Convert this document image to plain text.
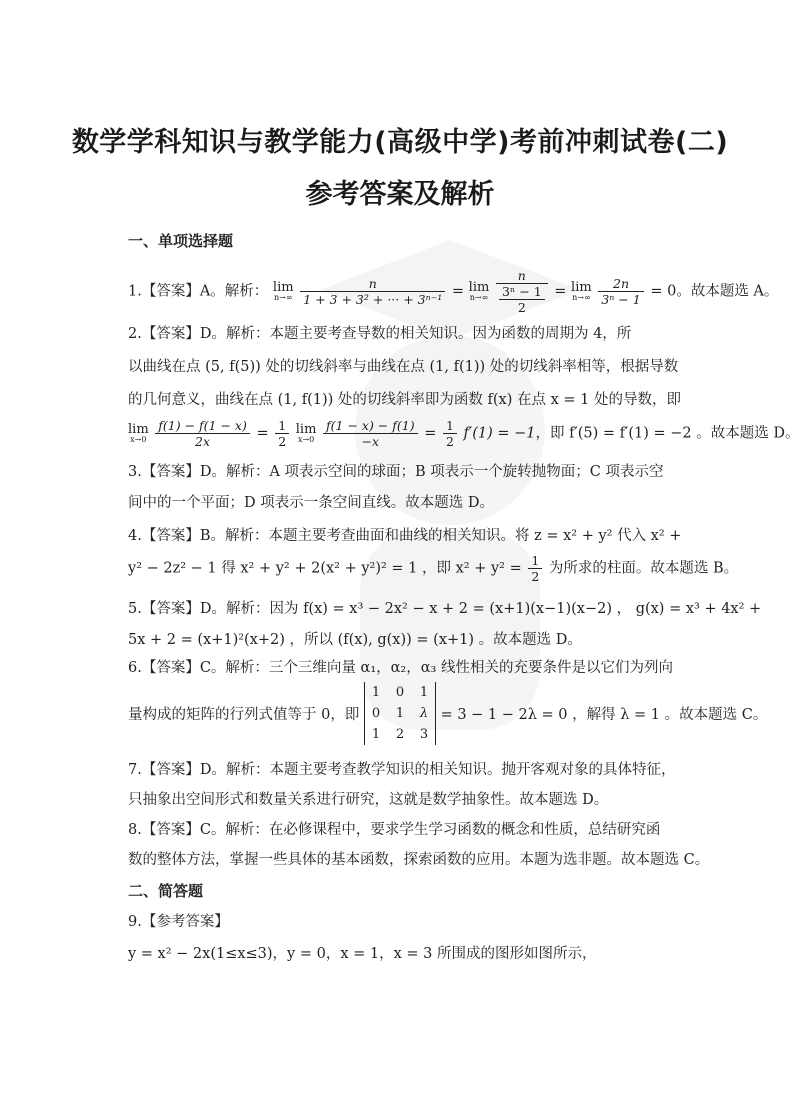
数学学科知识与教学能力(高级中学)考前冲刺试卷(二)
参考答案及解析
一、单项选择题
1.【答案】A。解析： lim
n→∞
$\frac{n}{\text{1 + 3 + 3² + ··· + 3ⁿ⁻¹}} = \lim$
n→∞
n
3ⁿ − 1
2 = lim
n→∞
$\frac{2n}{\text{3ⁿ − 1}} = 0$。故本题选 A。
2.【答案】D。解析：本题主要考查导数的相关知识。因为函数的周期为 4，所
以曲线在点 (5, f(5)) 处的切线斜率与曲线在点 (1, f(1)) 处的切线斜率相等，根据导数
的几何意义，曲线在点 (1, f(1)) 处的切线斜率即为函数 f(x) 在点 x = 1 处的导数，即
lim
x→0
$\frac{f(1) - f(1 - x)}{2x} = \frac{1}{2}$ lim
x→0
$\frac{f(1 - x) - f(1)}{-x} = \frac{1}{2} f'(1) = -1$，即 f′(5) = f′(1) = −2 。故本题选 D。
3.【答案】D。解析：A 项表示空间的球面；B 项表示一个旋转抛物面；C 项表示空
间中的一个平面；D 项表示一条空间直线。故本题选 D。
4.【答案】B。解析：本题主要考查曲面和曲线的相关知识。将 z = x² + y² 代入 x² +
y² − 2z² − 1 得 x² + y² + 2(x² + y²)² = 1 ，即 $x^2 + y^2 = \frac{1}{2}$ 为所求的柱面。故本题选 B。
5.【答案】D。解析：因为 f(x) = x³ − 2x² − x + 2 = (x+1)(x−1)(x−2) ， g(x) = x³ + 4x² +
5x + 2 = (x+1)²(x+2) ，所以 (f(x), g(x)) = (x+1) 。故本题选 D。
6.【答案】C。解析：三个三维向量 α₁，α₂，α₃ 线性相关的充要条件是以它们为列向
量构成的矩阵的行列式值等于 0，即
1 0 1
0 1 λ
1 2 3
= 3 − 1 − 2λ = 0 ，解得 λ = 1 。故本题选 C。
7.【答案】D。解析：本题主要考查教学知识的相关知识。抛开客观对象的具体特征，
只抽象出空间形式和数量关系进行研究，这就是数学抽象性。故本题选 D。
8.【答案】C。解析：在必修课程中，要求学生学习函数的概念和性质，总结研究函
数的整体方法，掌握一些具体的基本函数，探索函数的应用。本题为选非题。故本题选 C。
二、简答题
9.【参考答案】
y = x² − 2x(1≤x≤3)，y = 0，x = 1，x = 3 所围成的图形如图所示，
